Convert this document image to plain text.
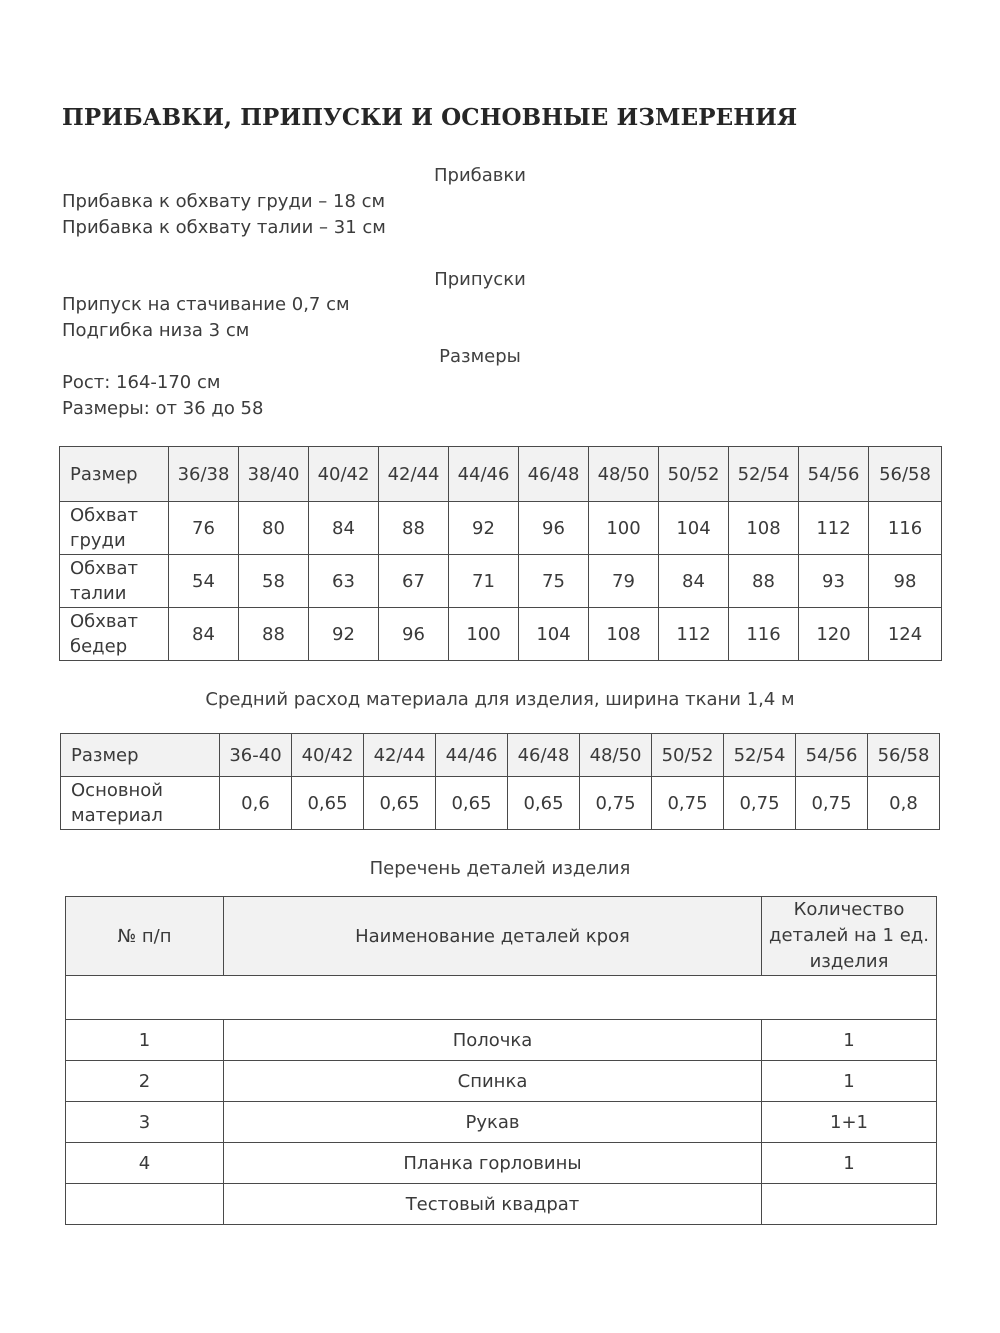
ПРИБАВКИ, ПРИПУСКИ И ОСНОВНЫЕ ИЗМЕРЕНИЯ
Прибавки
Прибавка к обхвату груди – 18 см
Прибавка к обхвату талии – 31 см
Припуски
Припуск на стачивание 0,7 см
Подгибка низа 3 см
Размеры
Рост: 164-170 см
Размеры: от 36 до 58
Размер	36/38	38/40	40/42	42/44	44/46	46/48	48/50	50/52	52/54	54/56	56/58
Обхват груди	76	80	84	88	92	96	100	104	108	112	116
Обхват талии	54	58	63	67	71	75	79	84	88	93	98
Обхват бедер	84	88	92	96	100	104	108	112	116	120	124
Средний расход материала для изделия, ширина ткани 1,4 м
Размер	36-40	40/42	42/44	44/46	46/48	48/50	50/52	52/54	54/56	56/58
Основной материал	0,6	0,65	0,65	0,65	0,65	0,75	0,75	0,75	0,75	0,8
Перечень деталей изделия
№ п/п	Наименование деталей кроя	Количество деталей на 1 ед. изделия

1	Полочка	1
2	Спинка	1
3	Рукав	1+1
4	Планка горловины	1
	Тестовый квадрат	
